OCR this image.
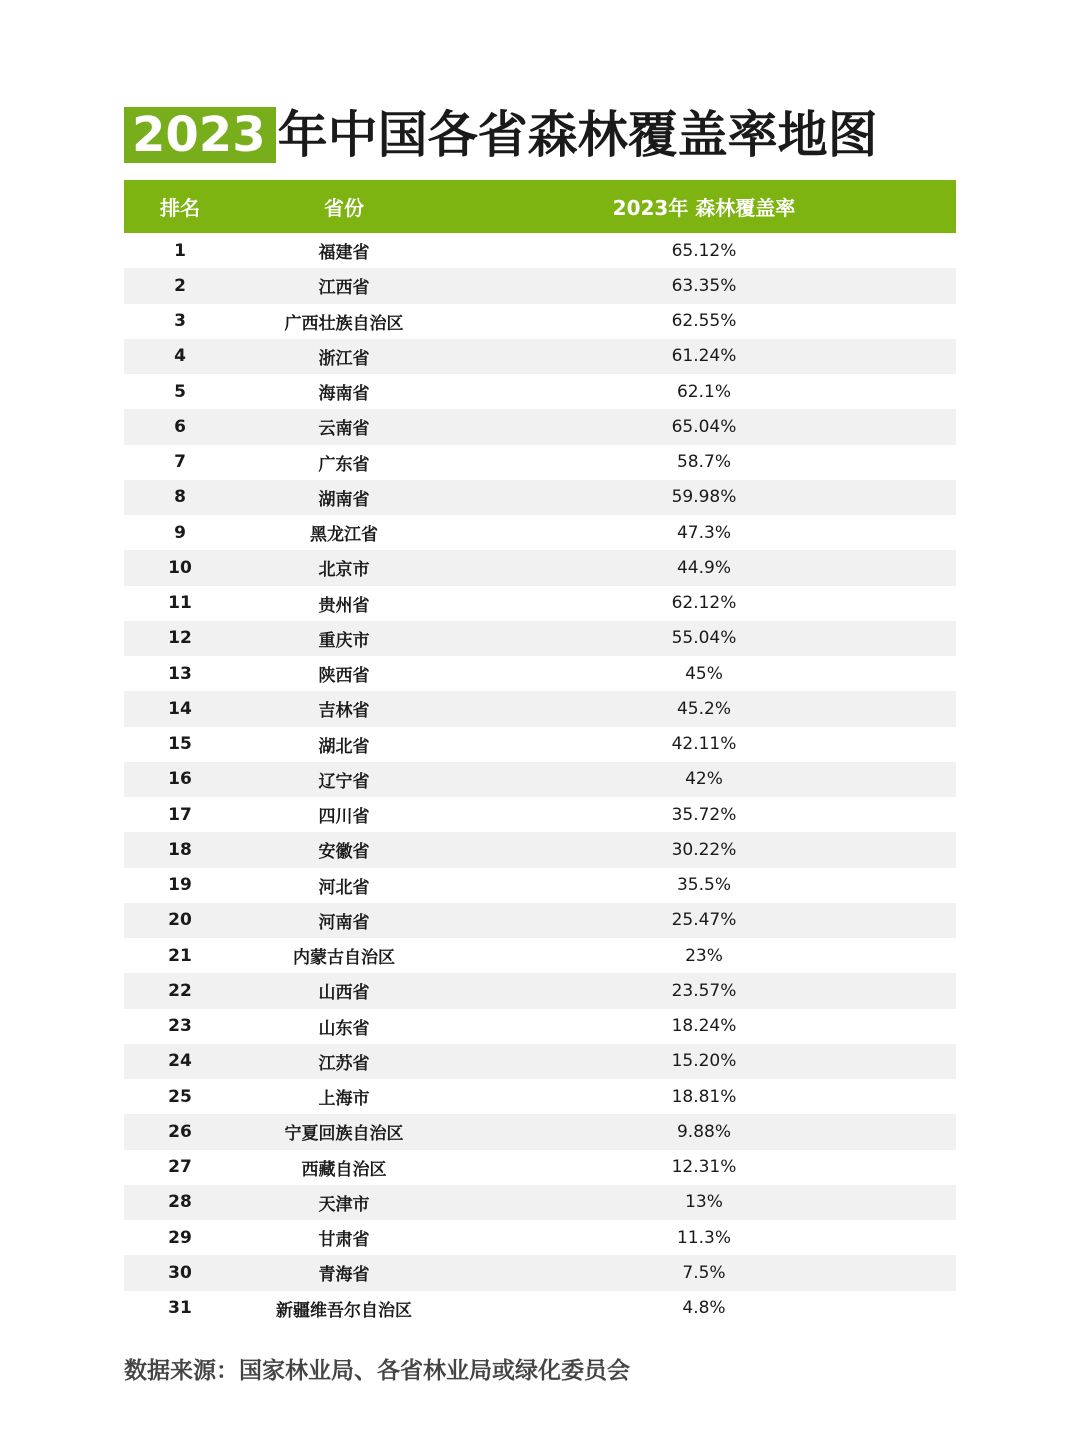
2023 年中国各省森林覆盖率地图
排名	省份	2023年 森林覆盖率
1	福建省	65.12%
2	江西省	63.35%
3	广西壮族自治区	62.55%
4	浙江省	61.24%
5	海南省	62.1%
6	云南省	65.04%
7	广东省	58.7%
8	湖南省	59.98%
9	黑龙江省	47.3%
10	北京市	44.9%
11	贵州省	62.12%
12	重庆市	55.04%
13	陕西省	45%
14	吉林省	45.2%
15	湖北省	42.11%
16	辽宁省	42%
17	四川省	35.72%
18	安徽省	30.22%
19	河北省	35.5%
20	河南省	25.47%
21	内蒙古自治区	23%
22	山西省	23.57%
23	山东省	18.24%
24	江苏省	15.20%
25	上海市	18.81%
26	宁夏回族自治区	9.88%
27	西藏自治区	12.31%
28	天津市	13%
29	甘肃省	11.3%
30	青海省	7.5%
31	新疆维吾尔自治区	4.8%
数据来源：国家林业局、各省林业局或绿化委员会
